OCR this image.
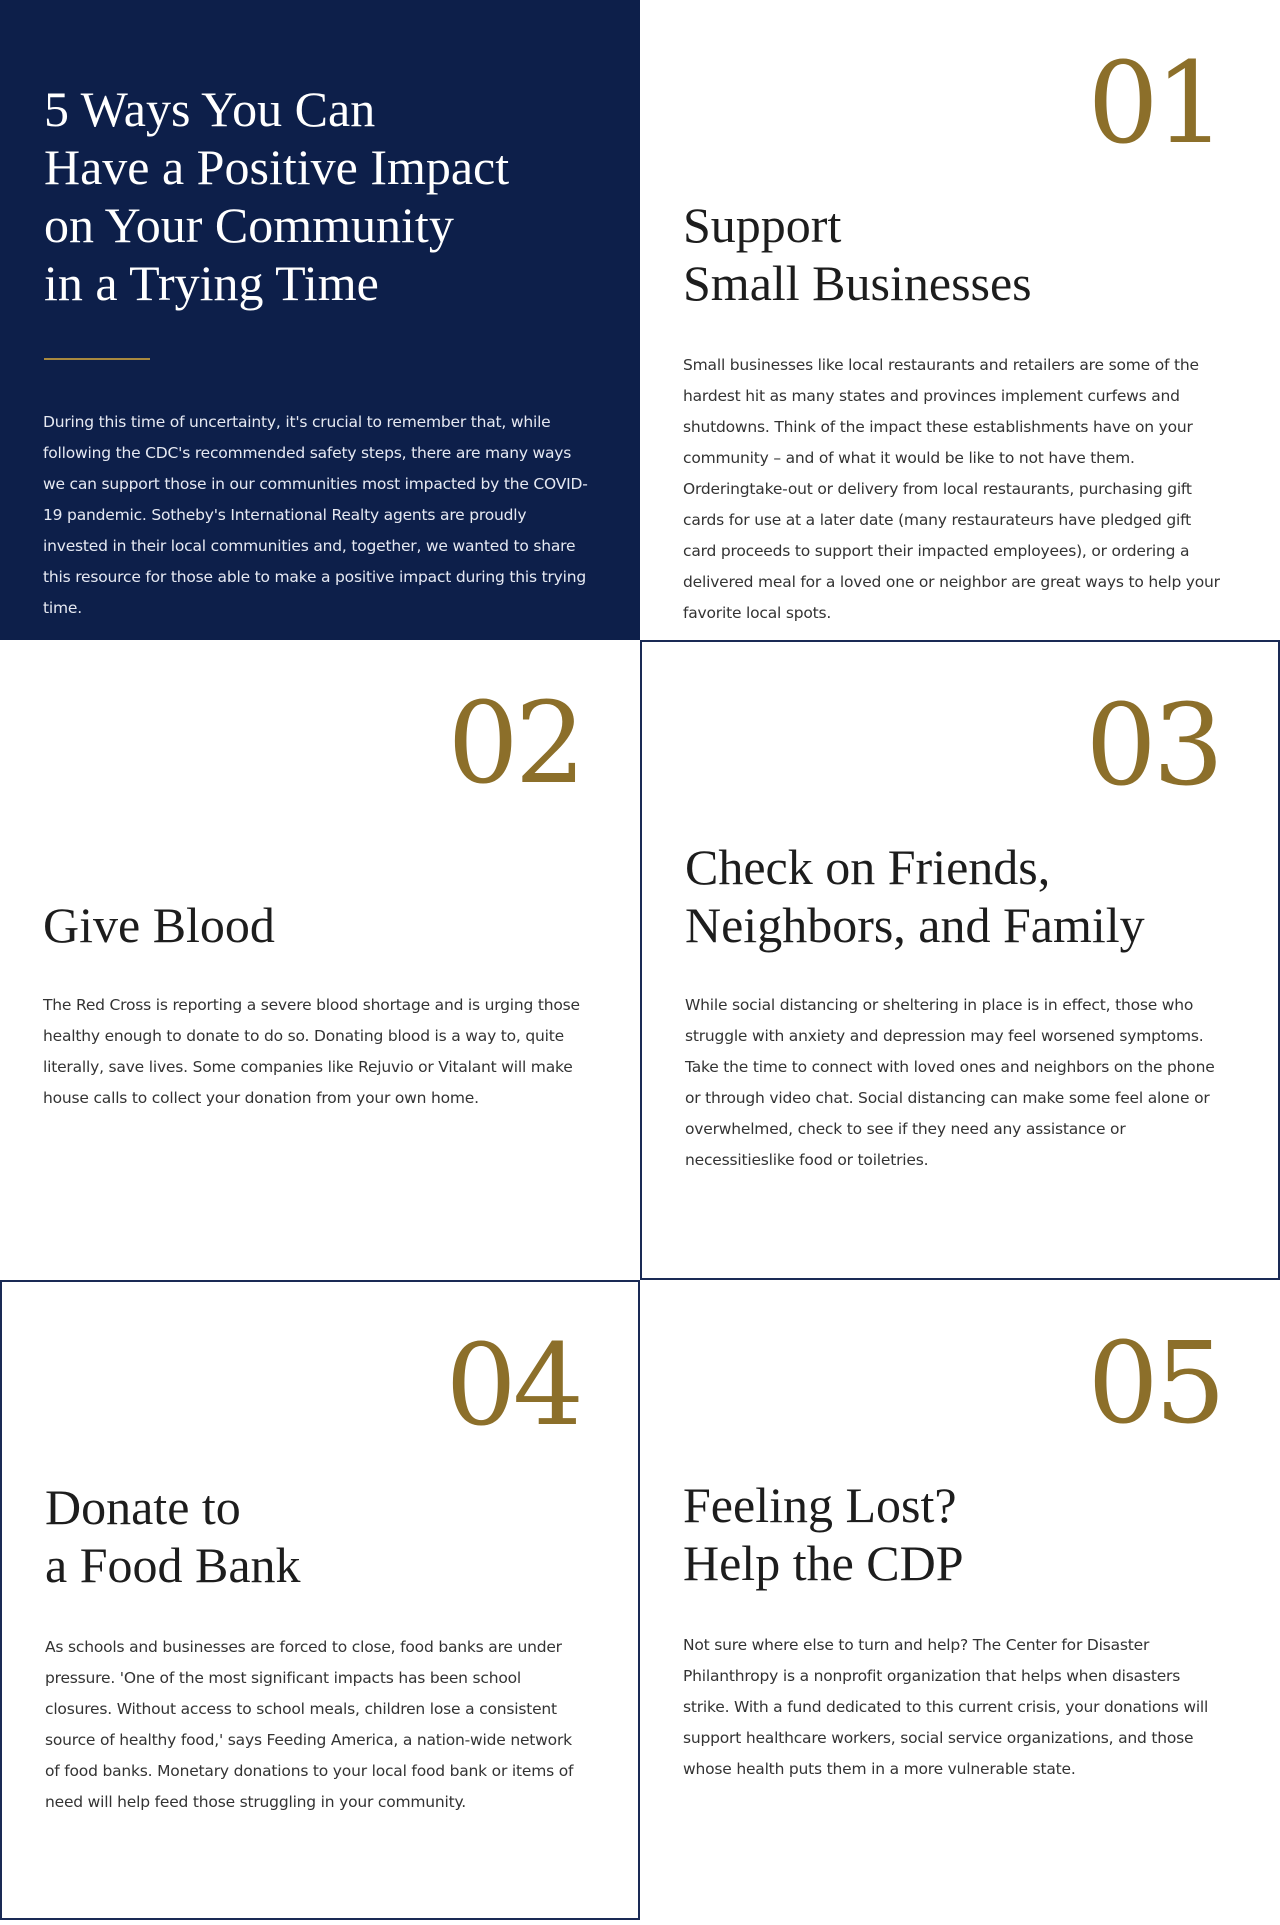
5 Ways You Can
Have a Positive Impact
on Your Community
in a Trying Time

During this time of uncertainty, it's crucial to remember that, while following the CDC's recommended safety steps, there are many ways we can support those in our communities most impacted by the COVID-19 pandemic. Sotheby's International Realty agents are proudly invested in their local communities and, together, we wanted to share this resource for those able to make a positive impact during this trying time.

01
Support
Small Businesses

Small businesses like local restaurants and retailers are some of the hardest hit as many states and provinces implement curfews and shutdowns. Think of the impact these establishments have on your community – and of what it would be like to not have them. Orderingtake-out or delivery from local restaurants, purchasing gift cards for use at a later date (many restaurateurs have pledged gift card proceeds to support their impacted employees), or ordering a delivered meal for a loved one or neighbor are great ways to help your favorite local spots.

02
Give Blood

The Red Cross is reporting a severe blood shortage and is urging those healthy enough to donate to do so. Donating blood is a way to, quite literally, save lives. Some companies like Rejuvio or Vitalant will make house calls to collect your donation from your own home.

03
Check on Friends,
Neighbors, and Family

While social distancing or sheltering in place is in effect, those who struggle with anxiety and depression may feel worsened symptoms. Take the time to connect with loved ones and neighbors on the phone or through video chat. Social distancing can make some feel alone or overwhelmed, check to see if they need any assistance or necessitieslike food or toiletries.

04
Donate to
a Food Bank

As schools and businesses are forced to close, food banks are under pressure. 'One of the most significant impacts has been school closures. Without access to school meals, children lose a consistent source of healthy food,' says Feeding America, a nation-wide network of food banks. Monetary donations to your local food bank or items of need will help feed those struggling in your community.

05
Feeling Lost?
Help the CDP

Not sure where else to turn and help? The Center for Disaster Philanthropy is a nonprofit organization that helps when disasters strike. With a fund dedicated to this current crisis, your donations will support healthcare workers, social service organizations, and those whose health puts them in a more vulnerable state.
